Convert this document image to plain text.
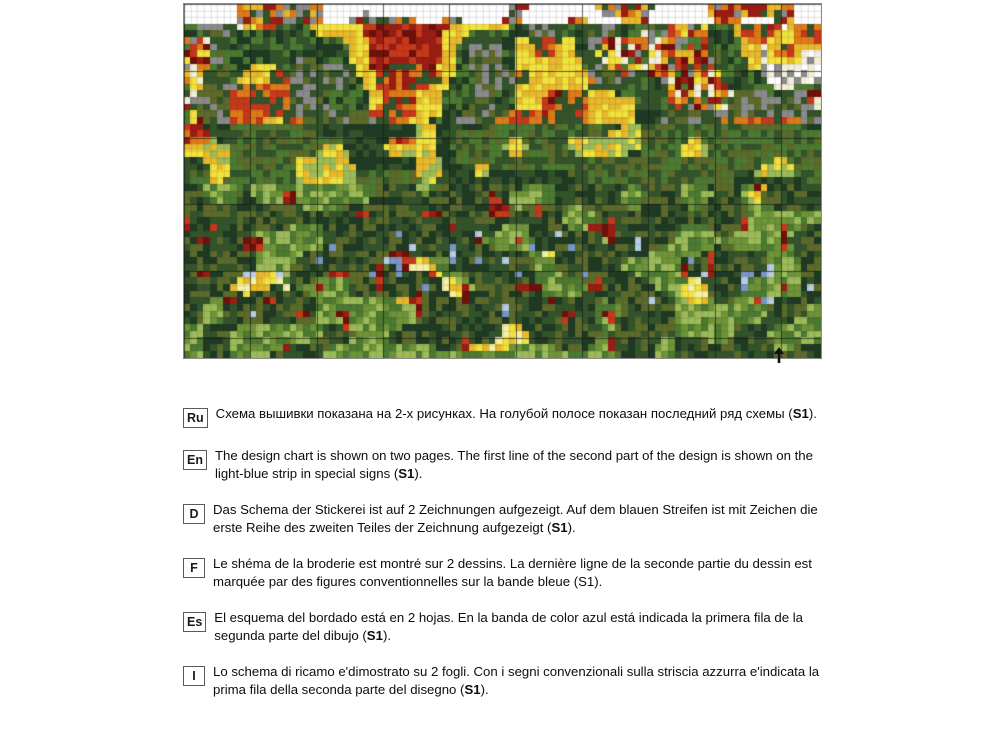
Ru Схема вышивки показана на 2-х рисунках. На голубой полосе показан последний ряд схемы (S1).
En The design chart is shown on two pages. The first line of the second part of the design is shown on the light-blue strip in special signs (S1).
D	Das Schema der Stickerei ist auf 2 Zeichnungen aufgezeigt. Auf dem blauen Streifen ist mit Zeichen die erste Reihe des zweiten Teiles der Zeichnung aufgezeigt (S1).
F	Le shéma de la broderie est montré sur 2 dessins. La dernière ligne de la seconde partie du dessin est marquée par des figures conventionnelles sur la bande bleue (S1).
Es El esquema del bordado está en 2 hojas. En la banda de color azul está indicada la primera fila de la segunda parte del dibujo (S1).
I	Lo schema di ricamo e'dimostrato su 2 fogli. Con i segni convenzionali sulla striscia azzurra e'indicata la prima fila della seconda parte del disegno (S1).
